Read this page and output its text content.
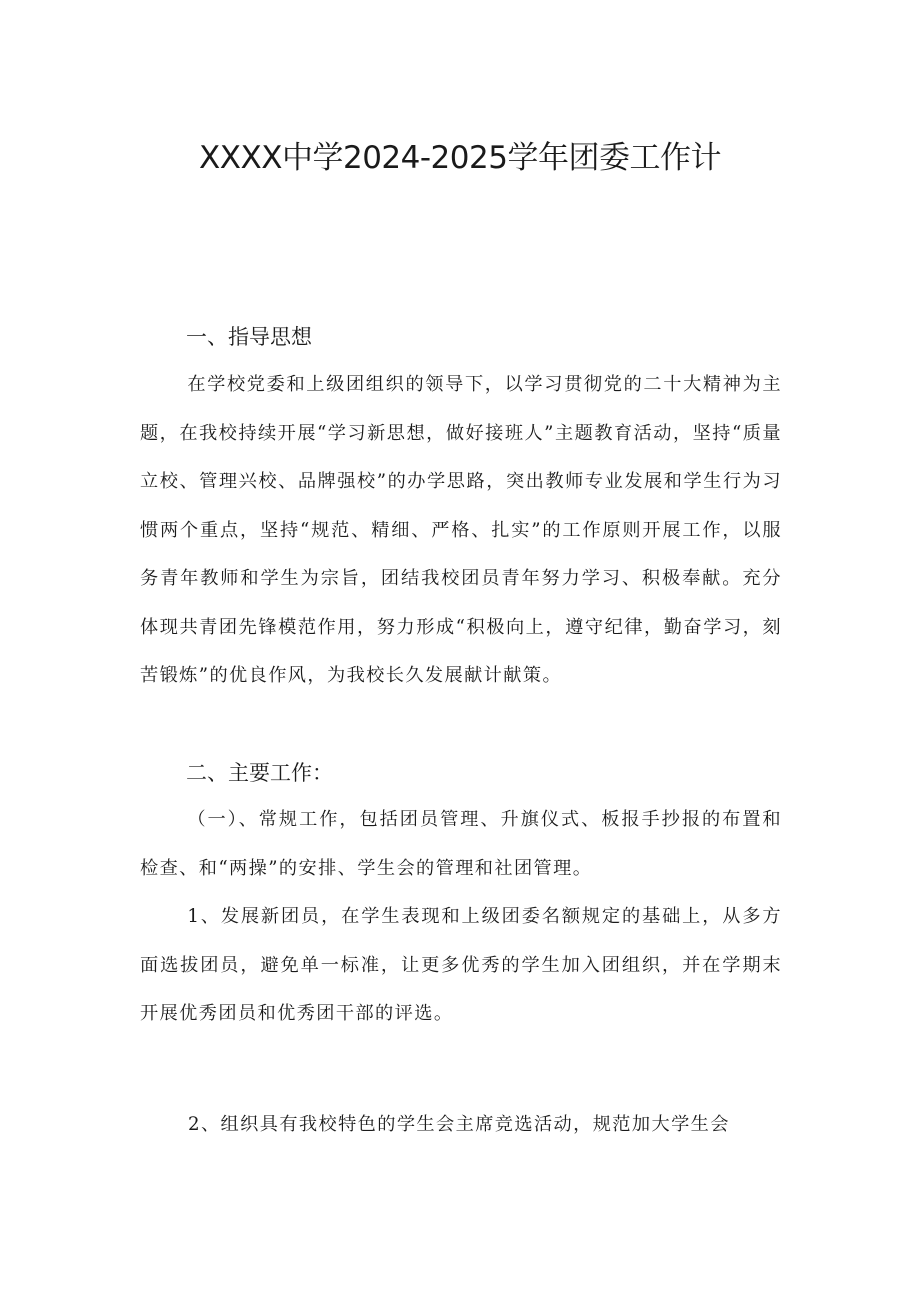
XXXX中学2024-2025学年团委工作计
一、指导思想

在学校党委和上级团组织的领导下，以学习贯彻党的二十大精神为主题，在我校持续开展“学习新思想，做好接班人”主题教育活动，坚持“质量立校、管理兴校、品牌强校”的办学思路，突出教师专业发展和学生行为习惯两个重点，坚持“规范、精细、严格、扎实”的工作原则开展工作，以服务青年教师和学生为宗旨，团结我校团员青年努力学习、积极奉献。充分体现共青团先锋模范作用，努力形成“积极向上，遵守纪律，勤奋学习，刻苦锻炼”的优良作风，为我校长久发展献计献策。

二、主要工作：

（一）、常规工作，包括团员管理、升旗仪式、板报手抄报的布置和检查、和“两操”的安排、学生会的管理和社团管理。

1、发展新团员，在学生表现和上级团委名额规定的基础上，从多方面选拔团员，避免单一标准，让更多优秀的学生加入团组织，并在学期末开展优秀团员和优秀团干部的评选。

2、组织具有我校特色的学生会主席竞选活动，规范加大学生会
